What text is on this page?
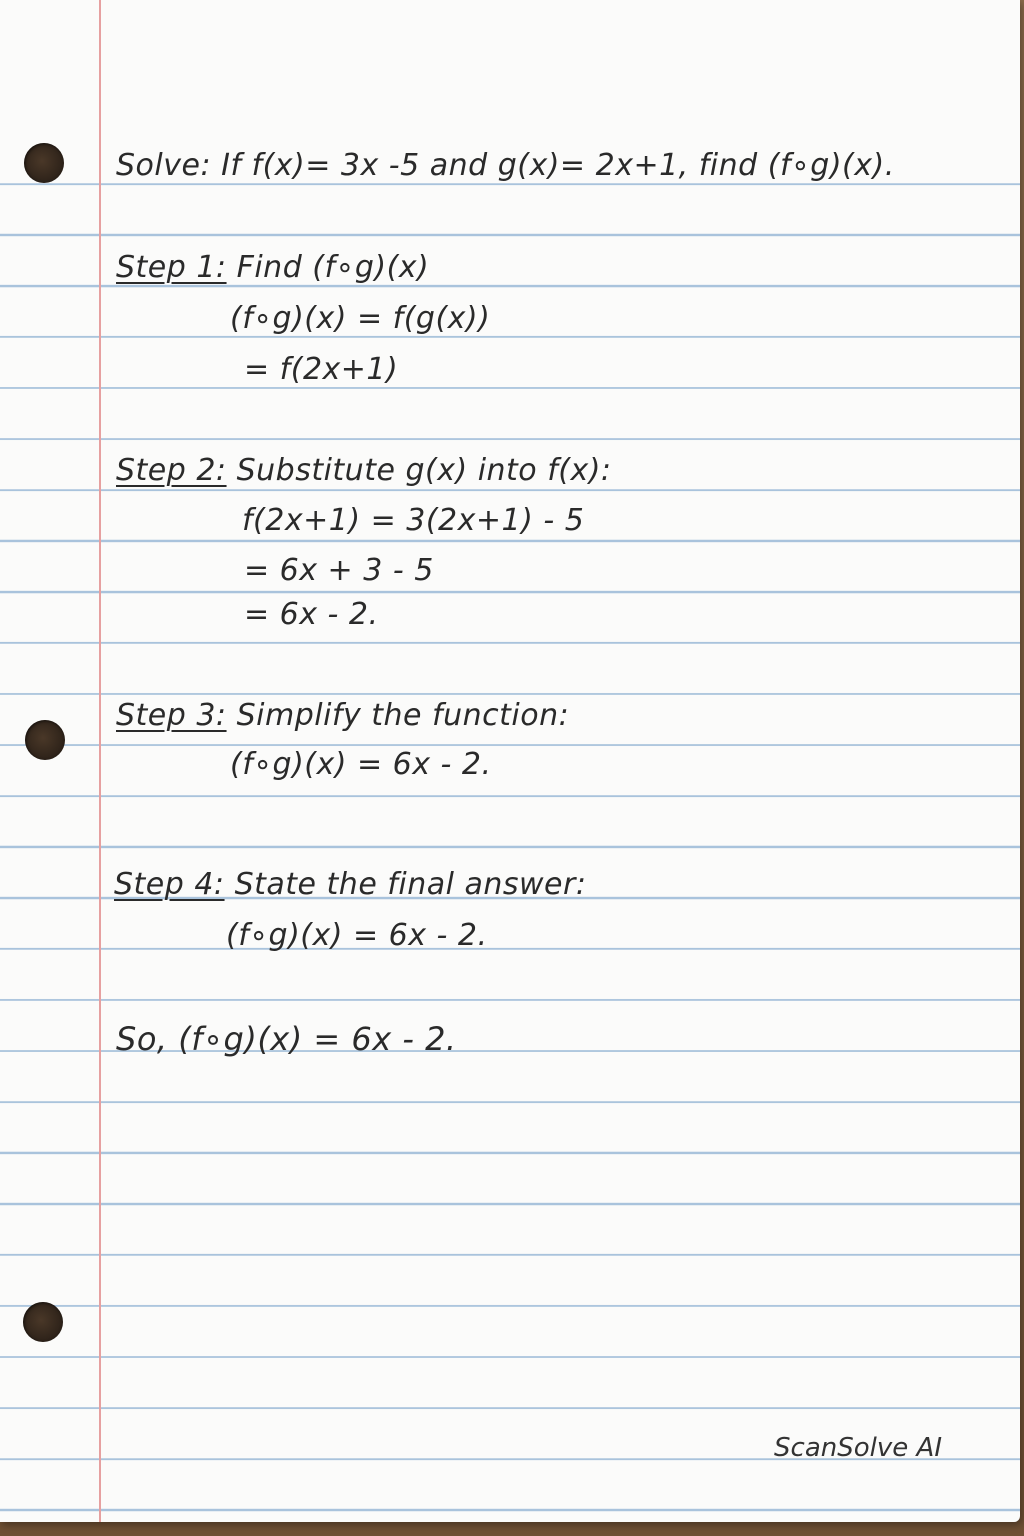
Solve: If f(x)= 3x -5 and g(x)= 2x+1, find (f∘g)(x).
Step 1: Find (f∘g)(x)
(f∘g)(x) = f(g(x))
= f(2x+1)
Step 2: Substitute g(x) into f(x):
f(2x+1) = 3(2x+1) - 5
= 6x + 3 - 5
= 6x - 2.
Step 3: Simplify the function:
(f∘g)(x) = 6x - 2.
Step 4: State the final answer:
(f∘g)(x) = 6x - 2.
So, (f∘g)(x) = 6x - 2.
ScanSolve AI
